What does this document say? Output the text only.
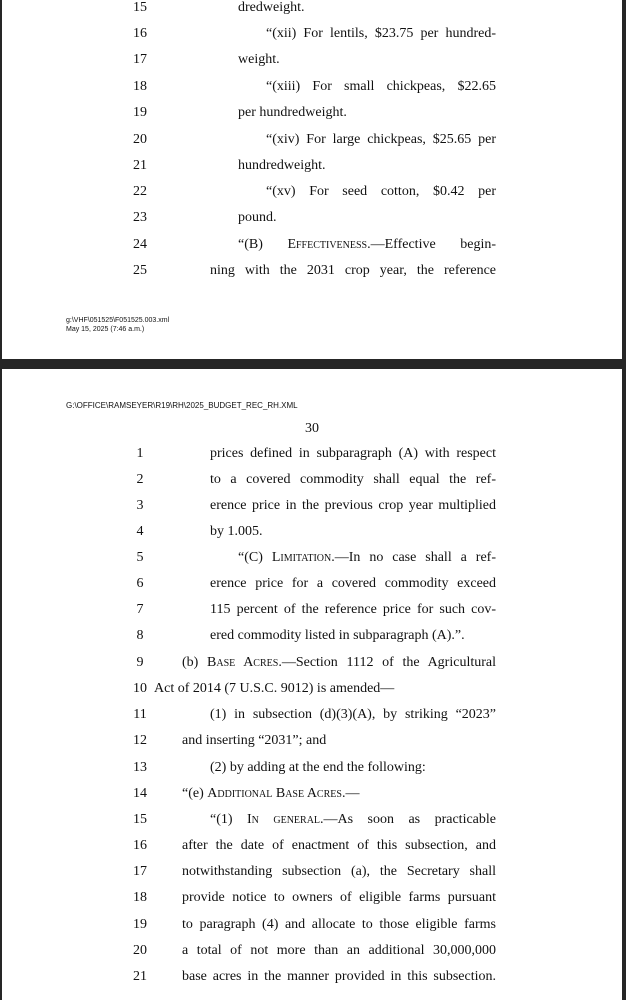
15	dredweight.
16	“(xii) For lentils, $23.75 per hundred-
17	weight.
18	“(xiii) For small chickpeas, $22.65
19	per hundredweight.
20	“(xiv) For large chickpeas, $25.65 per
21	hundredweight.
22	“(xv) For seed cotton, $0.42 per
23	pound.
24	“(B) Effectiveness.—Effective begin-
25	ning with the 2031 crop year, the reference
g:\VHF\051525\F051525.003.xml
May 15, 2025 (7:46 a.m.)
G:\OFFICE\RAMSEYER\R19\RH\2025_BUDGET_REC_RH.XML
30
1	prices defined in subparagraph (A) with respect
2	to a covered commodity shall equal the ref-
3	erence price in the previous crop year multiplied
4	by 1.005.
5	“(C) Limitation.—In no case shall a ref-
6	erence price for a covered commodity exceed
7	115 percent of the reference price for such cov-
8	ered commodity listed in subparagraph (A).”.
9	(b) Base Acres.—Section 1112 of the Agricultural
10 Act of 2014 (7 U.S.C. 9012) is amended—
11	(1) in subsection (d)(3)(A), by striking “2023”
12	and inserting “2031”; and
13	(2) by adding at the end the following:
14	“(e) Additional Base Acres.—
15	“(1) In general.—As soon as practicable
16	after the date of enactment of this subsection, and
17	notwithstanding subsection (a), the Secretary shall
18	provide notice to owners of eligible farms pursuant
19	to paragraph (4) and allocate to those eligible farms
20	a total of not more than an additional 30,000,000
21	base acres in the manner provided in this subsection.
